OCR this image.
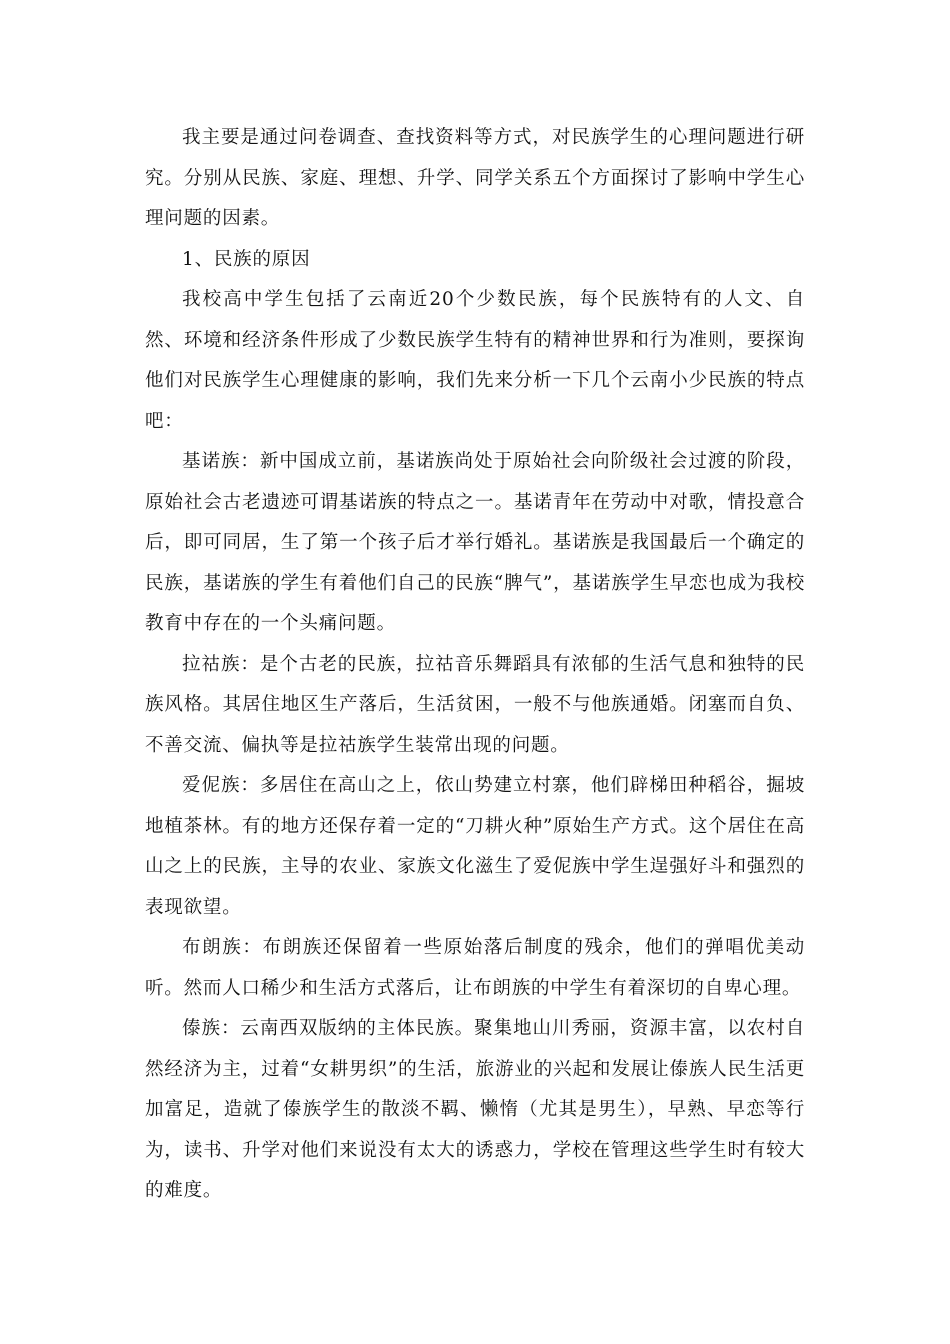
我主要是通过问卷调查、查找资料等方式，对民族学生的心理问题进行研究。分别从民族、家庭、理想、升学、同学关系五个方面探讨了影响中学生心理问题的因素。

1、民族的原因

我校高中学生包括了云南近20个少数民族，每个民族特有的人文、自然、环境和经济条件形成了少数民族学生特有的精神世界和行为准则，要探询他们对民族学生心理健康的影响，我们先来分析一下几个云南小少民族的特点吧：

基诺族：新中国成立前，基诺族尚处于原始社会向阶级社会过渡的阶段，原始社会古老遗迹可谓基诺族的特点之一。基诺青年在劳动中对歌，情投意合后，即可同居，生了第一个孩子后才举行婚礼。基诺族是我国最后一个确定的民族，基诺族的学生有着他们自己的民族“脾气”，基诺族学生早恋也成为我校教育中存在的一个头痛问题。

拉祜族：是个古老的民族，拉祜音乐舞蹈具有浓郁的生活气息和独特的民族风格。其居住地区生产落后，生活贫困，一般不与他族通婚。闭塞而自负、不善交流、偏执等是拉祜族学生装常出现的问题。

爱伲族：多居住在高山之上，依山势建立村寨，他们辟梯田种稻谷，掘坡地植茶林。有的地方还保存着一定的“刀耕火种”原始生产方式。这个居住在高山之上的民族，主导的农业、家族文化滋生了爱伲族中学生逞强好斗和强烈的表现欲望。

布朗族：布朗族还保留着一些原始落后制度的残余，他们的弹唱优美动听。然而人口稀少和生活方式落后，让布朗族的中学生有着深切的自卑心理。

傣族：云南西双版纳的主体民族。聚集地山川秀丽，资源丰富，以农村自然经济为主，过着“女耕男织”的生活，旅游业的兴起和发展让傣族人民生活更加富足，造就了傣族学生的散淡不羁、懒惰（尤其是男生），早熟、早恋等行为，读书、升学对他们来说没有太大的诱惑力，学校在管理这些学生时有较大的难度。
